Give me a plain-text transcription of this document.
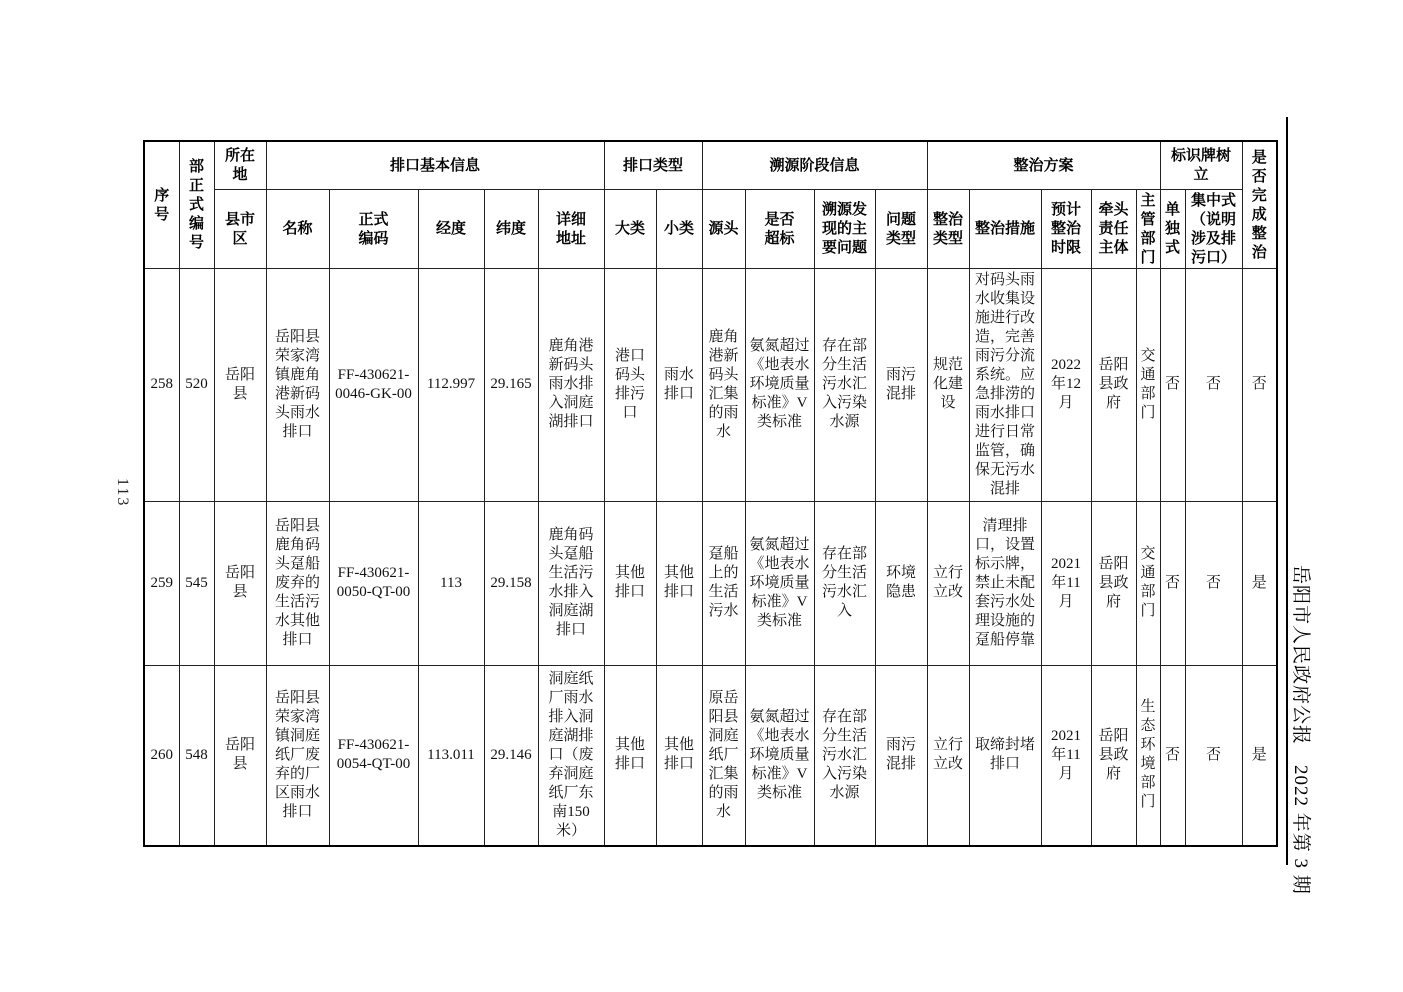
113
序号	部正式编号	所在地	排口基本信息					排口类型		溯源阶段信息				整治方案					标识牌树立		是否完成整治
		县市区	名称	正式编码	经度	纬度	详细地址	大类	小类	源头	是否超标	溯源发现的主要问题	问题类型	整治类型	整治措施	预计整治时限	牵头责任主体	主管部门	单独式	集中式（说明涉及排污口）	
258	520	岳阳县	岳阳县荣家湾镇鹿角港新码头雨水排口	FF-430621-0046-GK-00	112.997	29.165	鹿角港新码头雨水排入洞庭湖排口	港口码头排污口	雨水排口	鹿角港新码头汇集的雨水	氨氮超过《地表水环境质量标准》V类标准	存在部分生活污水汇入污染水源	雨污混排	规范化建设	对码头雨水收集设施进行改造，完善雨污分流系统。应急排涝的雨水排口进行日常监管，确保无污水混排	2022年12月	岳阳县政府	交通部门	否	否	否
259	545	岳阳县	岳阳县鹿角码头趸船废弃的生活污水其他排口	FF-430621-0050-QT-00	113	29.158	鹿角码头趸船生活污水排入洞庭湖排口	其他排口	其他排口	趸船上的生活污水	氨氮超过《地表水环境质量标准》V类标准	存在部分生活污水汇入	环境隐患	立行立改	清理排口，设置标示牌，禁止未配套污水处理设施的趸船停靠	2021年11月	岳阳县政府	交通部门	否	否	是
260	548	岳阳县	岳阳县荣家湾镇洞庭纸厂废弃的厂区雨水排口	FF-430621-0054-QT-00	113.011	29.146	洞庭纸厂雨水排入洞庭湖排口（废弃洞庭纸厂东南150米）	其他排口	其他排口	原岳阳县洞庭纸厂汇集的雨水	氨氮超过《地表水环境质量标准》V类标准	存在部分生活污水汇入污染水源	雨污混排	立行立改	取缔封堵排口	2021年11月	岳阳县政府	生态环境部门	否	否	是 岳阳市人民政府公报　2022 年第 3 期
